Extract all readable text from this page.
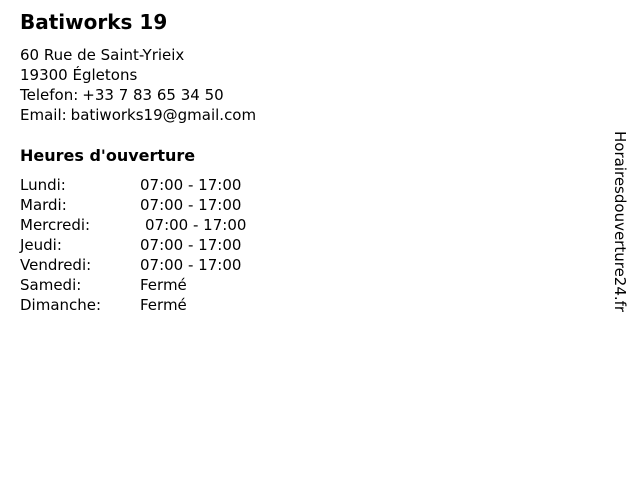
Batiworks 19
60 Rue de Saint-Yrieix
19300 Égletons
Telefon: +33 7 83 65 34 50
Email: batiworks19@gmail.com
Heures d'ouverture
Lundi:	07:00 - 17:00
Mardi:	07:00 - 17:00
Mercredi:	07:00 - 17:00
Jeudi:	07:00 - 17:00
Vendredi:	07:00 - 17:00
Samedi:	Fermé
Dimanche:	Fermé	Horairesdouverture24.fr
